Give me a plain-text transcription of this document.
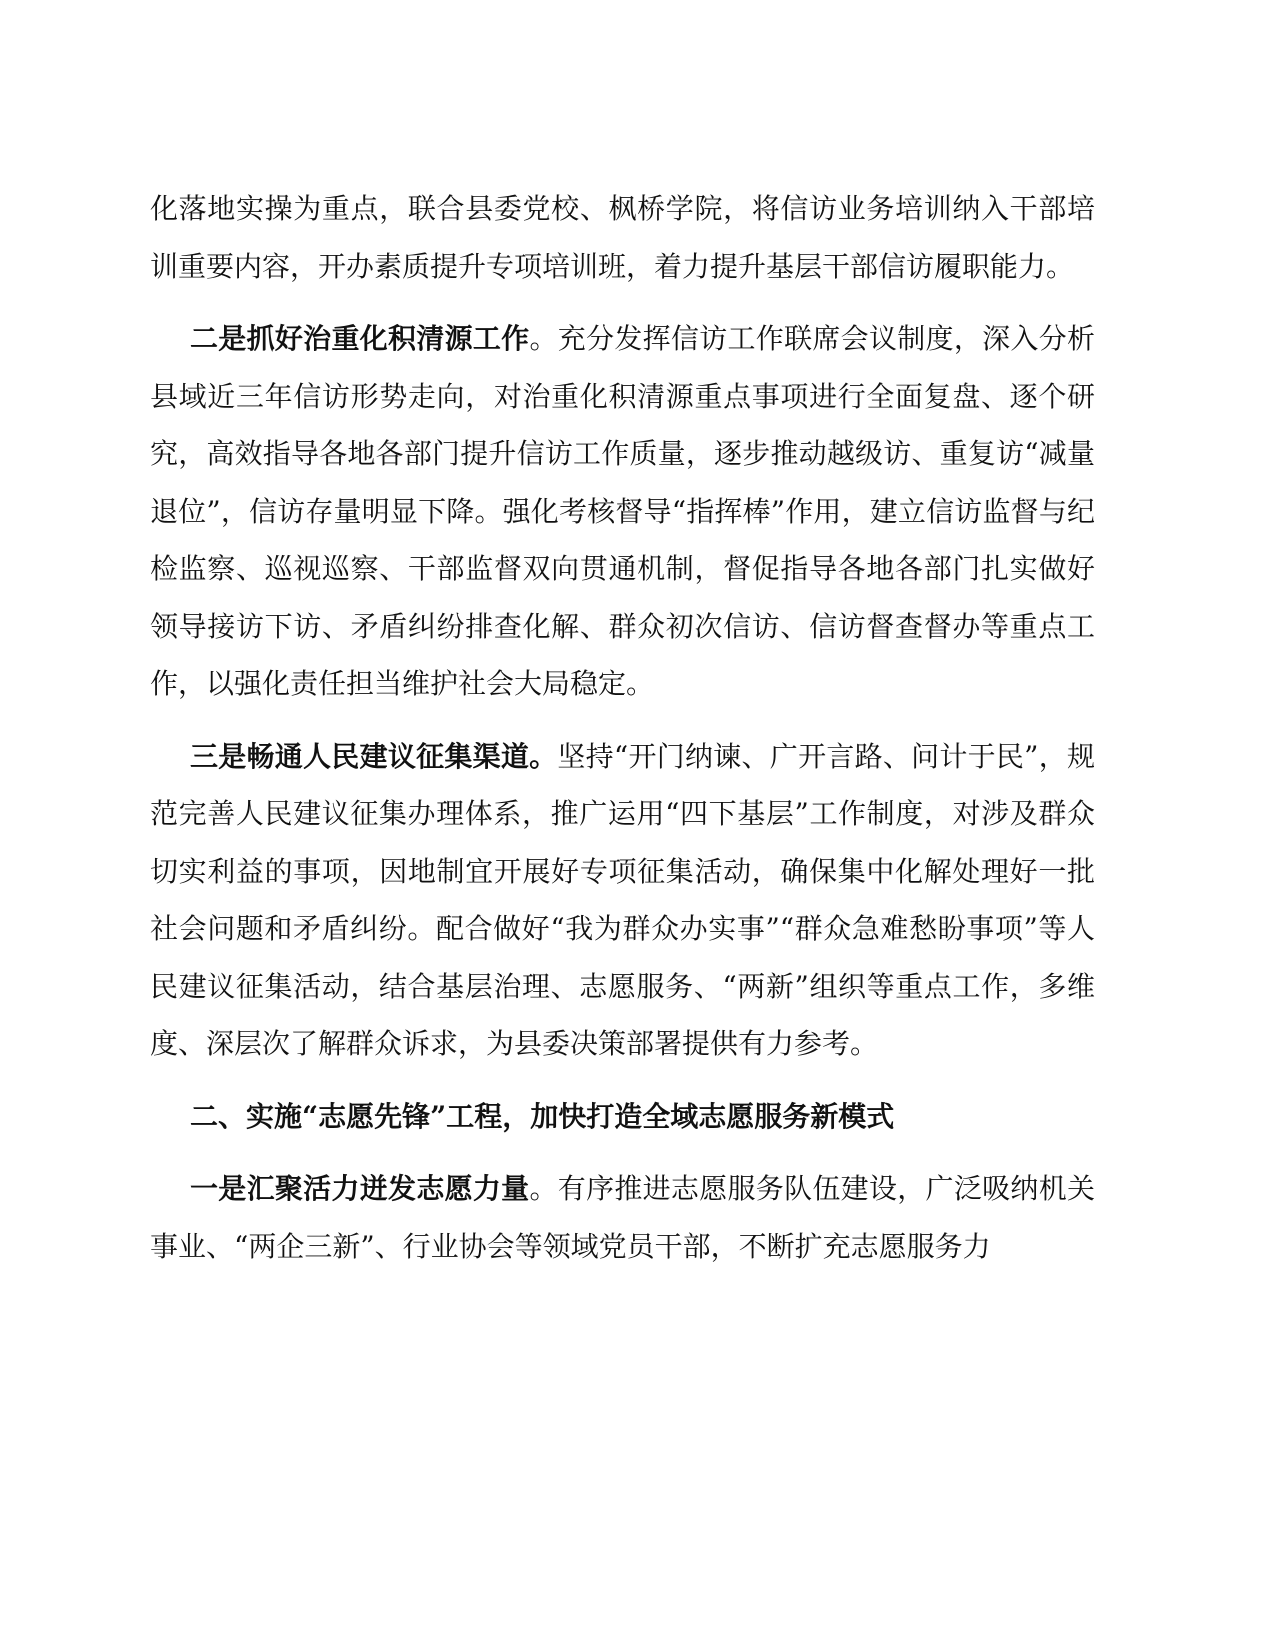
化落地实操为重点，联合县委党校、枫桥学院，将信访业务培训纳入干部培训重要内容，开办素质提升专项培训班，着力提升基层干部信访履职能力。

二是抓好治重化积清源工作。充分发挥信访工作联席会议制度，深入分析县域近三年信访形势走向，对治重化积清源重点事项进行全面复盘、逐个研究，高效指导各地各部门提升信访工作质量，逐步推动越级访、重复访“减量退位”，信访存量明显下降。强化考核督导“指挥棒”作用，建立信访监督与纪检监察、巡视巡察、干部监督双向贯通机制，督促指导各地各部门扎实做好领导接访下访、矛盾纠纷排查化解、群众初次信访、信访督查督办等重点工作，以强化责任担当维护社会大局稳定。

三是畅通人民建议征集渠道。坚持“开门纳谏、广开言路、问计于民”，规范完善人民建议征集办理体系，推广运用“四下基层”工作制度，对涉及群众切实利益的事项，因地制宜开展好专项征集活动，确保集中化解处理好一批社会问题和矛盾纠纷。配合做好“我为群众办实事”“群众急难愁盼事项”等人民建议征集活动，结合基层治理、志愿服务、“两新”组织等重点工作，多维度、深层次了解群众诉求，为县委决策部署提供有力参考。

二、实施“志愿先锋”工程，加快打造全域志愿服务新模式

一是汇聚活力迸发志愿力量。有序推进志愿服务队伍建设，广泛吸纳机关事业、“两企三新”、行业协会等领域党员干部，不断扩充志愿服务力
